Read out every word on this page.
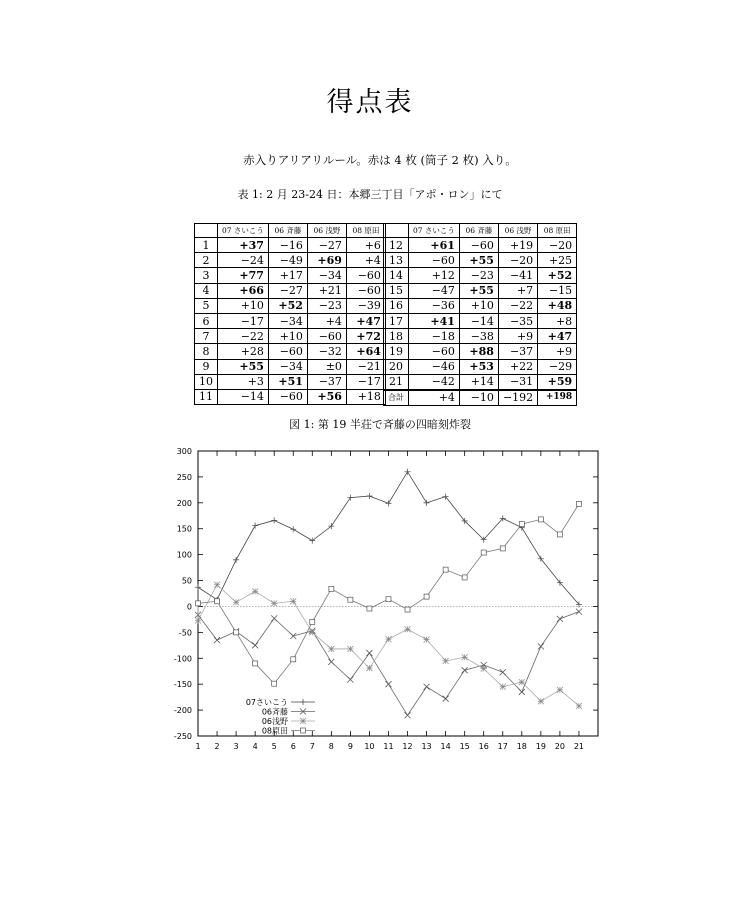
得点表
赤入りアリアリルール。赤は 4 枚 (筒子 2 枚) 入り。
表 1: 2 月 23-24 日：本郷三丁目「アポ・ロン」にて
	07 さいこう	06 斉藤	06 浅野	08 原田
1	+37	−16	−27	+6
2	−24	−49	+69	+4
3	+77	+17	−34	−60
4	+66	−27	+21	−60
5	+10	+52	−23	−39
6	−17	−34	+4	+47
7	−22	+10	−60	+72
8	+28	−60	−32	+64
9	+55	−34	±0	−21
10	+3	+51	−37	−17
11	−14	−60	+56	+18
	07 さいこう	06 斉藤	06 浅野	08 原田
12	+61	−60	+19	−20
13	−60	+55	−20	+25
14	+12	−23	−41	+52
15	−47	+55	+7	−15
16	−36	+10	−22	+48
17	+41	−14	−35	+8
18	−18	−38	+9	+47
19	−60	+88	−37	+9
20	−46	+53	+22	−29
21	−42	+14	−31	+59
合計	+4	−10	−192	+198
図 1: 第 19 半荘で斉藤の四暗刻炸裂
-250
-200
-150
-100
-50
0
50
100
150
200
250
300
1 2 3 4 5 6 7 8 9 10 11 12 13 14 15 16 17 18 19 20 21
07さいこう
06斉藤
06浅野
08原田
